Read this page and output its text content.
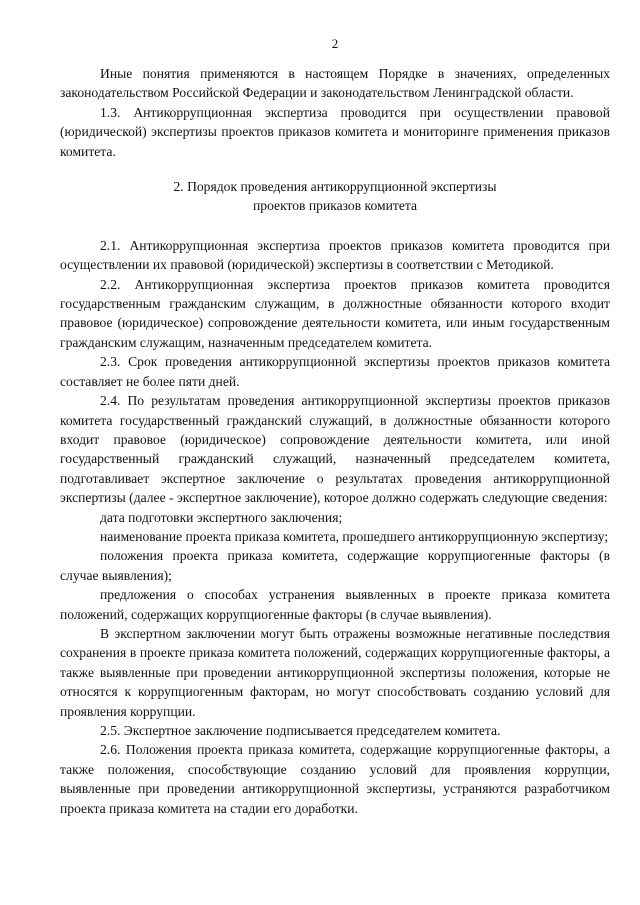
2

Иные понятия применяются в настоящем Порядке в значениях, определенных законодательством Российской Федерации и законодательством Ленинградской области.

1.3. Антикоррупционная экспертиза проводится при осуществлении правовой (юридической) экспертизы проектов приказов комитета и мониторинге применения приказов комитета.

2. Порядок проведения антикоррупционной экспертизы
проектов приказов комитета

2.1. Антикоррупционная экспертиза проектов приказов комитета проводится при осуществлении их правовой (юридической) экспертизы в соответствии с Методикой.

2.2. Антикоррупционная экспертиза проектов приказов комитета проводится государственным гражданским служащим, в должностные обязанности которого входит правовое (юридическое) сопровождение деятельности комитета, или иным государственным гражданским служащим, назначенным председателем комитета.

2.3. Срок проведения антикоррупционной экспертизы проектов приказов комитета составляет не более пяти дней.

2.4. По результатам проведения антикоррупционной экспертизы проектов приказов комитета государственный гражданский служащий, в должностные обязанности которого входит правовое (юридическое) сопровождение деятельности комитета, или иной государственный гражданский служащий, назначенный председателем комитета, подготавливает экспертное заключение о результатах проведения антикоррупционной экспертизы (далее - экспертное заключение), которое должно содержать следующие сведения:

дата подготовки экспертного заключения;

наименование проекта приказа комитета, прошедшего антикоррупционную экспертизу;

положения проекта приказа комитета, содержащие коррупциогенные факторы (в случае выявления);

предложения о способах устранения выявленных в проекте приказа комитета положений, содержащих коррупциогенные факторы (в случае выявления).

В экспертном заключении могут быть отражены возможные негативные последствия сохранения в проекте приказа комитета положений, содержащих коррупциогенные факторы, а также выявленные при проведении антикоррупционной экспертизы положения, которые не относятся к коррупциогенным факторам, но могут способствовать созданию условий для проявления коррупции.

2.5. Экспертное заключение подписывается председателем комитета.

2.6. Положения проекта приказа комитета, содержащие коррупциогенные факторы, а также положения, способствующие созданию условий для проявления коррупции, выявленные при проведении антикоррупционной экспертизы, устраняются разработчиком проекта приказа комитета на стадии его доработки.
